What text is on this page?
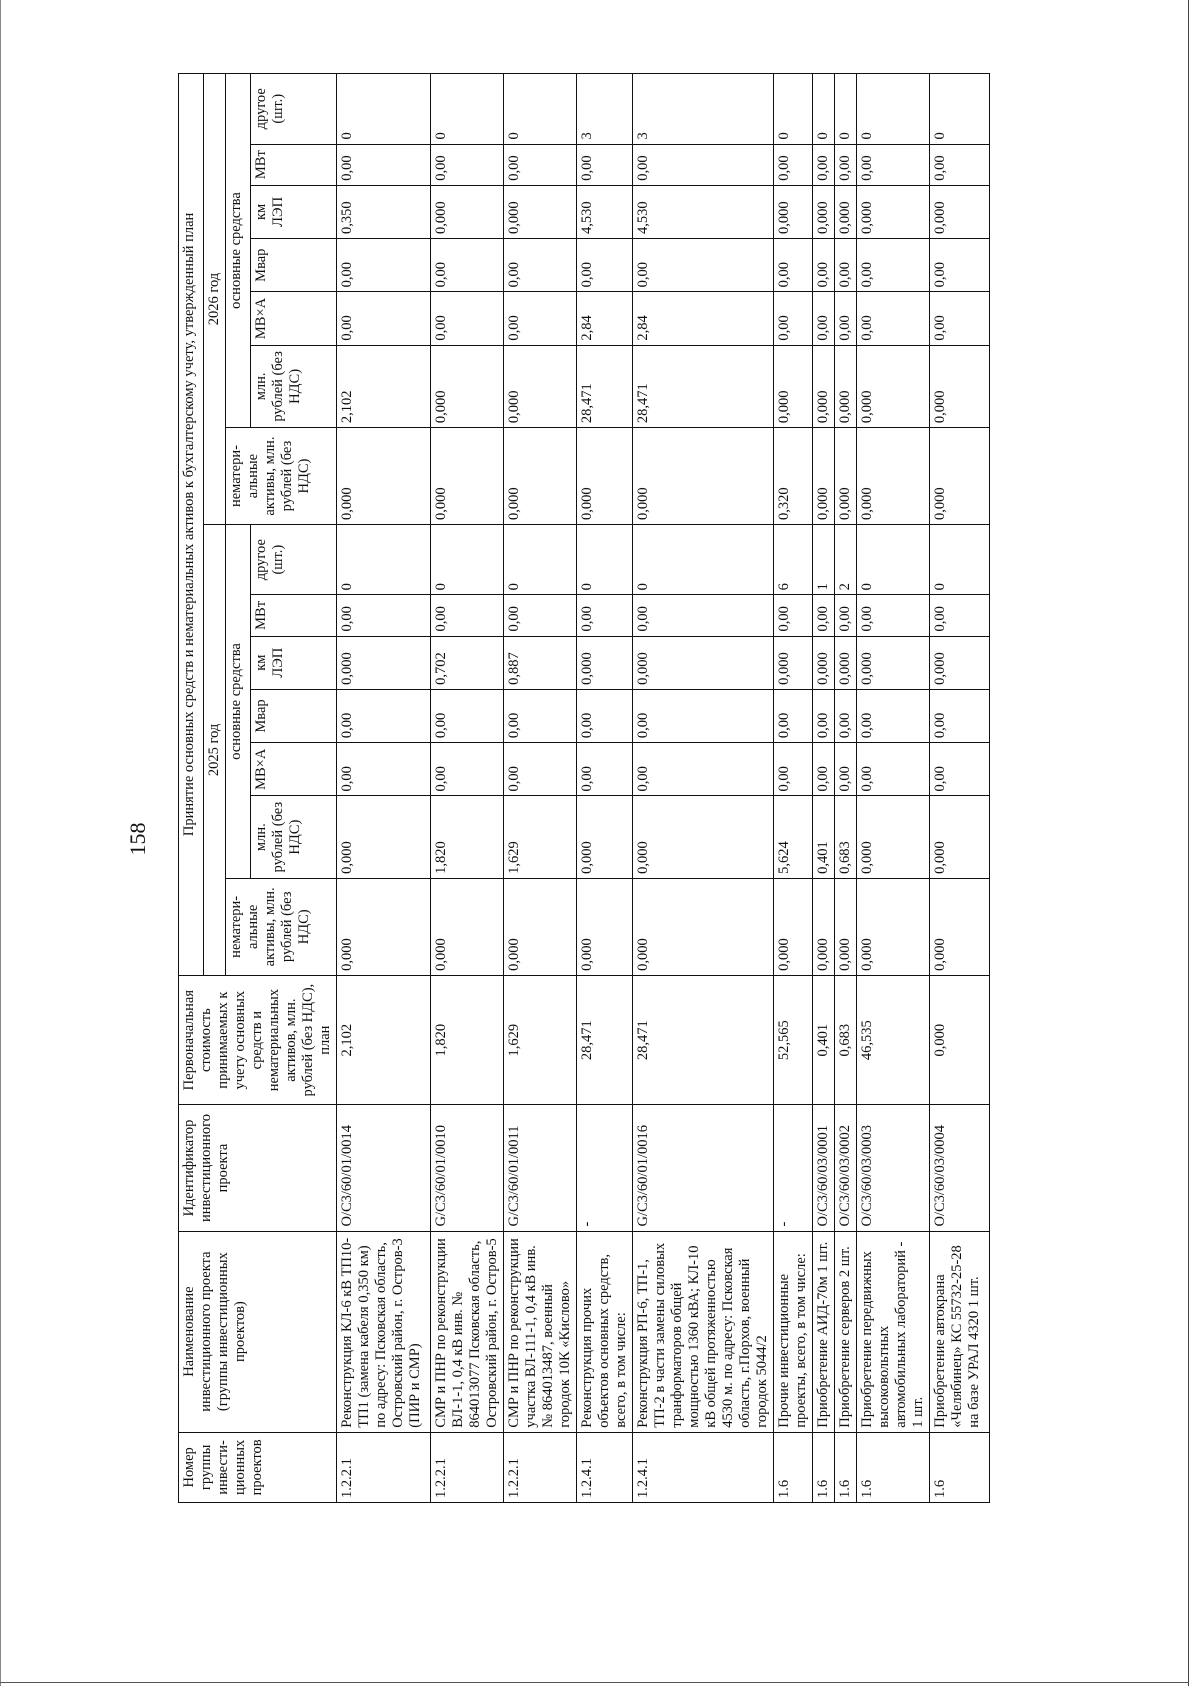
158
Номер группы инвести-ционных проектов	Наименование инвестиционного проекта (группы инвестиционных проектов)	Идентификатор инвестиционного проекта	Первоначальная стоимость принимаемых к учету основных средств и нематериальных активов, млн. рублей (без НДС), план	Принятие основных средств и нематериальных активов к бухгалтерскому учету, утвержденный план													
				2025 год							2026 год						
				нематери-альные активы, млн. рублей (без НДС)	основные средства						нематери-альные активы, млн. рублей (без НДС)	основные средства					
					млн. рублей (без НДС)	МВ×А	Мвар	км ЛЭП	МВт	другое (шт.)		млн. рублей (без НДС)	МВ×А	Мвар	км ЛЭП	МВт	другое (шт.)
1.2.2.1	Реконструкция КЛ-6 кВ ТП10-ТП1 (замена кабеля 0,350 км) по адресу: Псковская область, Островский район, г. Остров-3 (ПИР и СМР)	O/C3/60/01/0014	2,102	0,000	0,000	0,00	0,00	0,000	0,00	0	0,000	2,102	0,00	0,00	0,350	0,00	0
1.2.2.1	СМР и ПНР по реконструкции ВЛ-1-1, 0,4 кВ инв. № 864013077 Псковская область, Островский район, г. Остров-5	G/C3/60/01/0010	1,820	0,000	1,820	0,00	0,00	0,702	0,00	0	0,000	0,000	0,00	0,00	0,000	0,00	0
1.2.2.1	СМР и ПНР по реконструкции участка ВЛ-111-1, 0,4 кВ инв. № 864013487, военный городок 10К «Кислово»	G/C3/60/01/0011	1,629	0,000	1,629	0,00	0,00	0,887	0,00	0	0,000	0,000	0,00	0,00	0,000	0,00	0
1.2.4.1	Реконструкция прочих объектов основных средств, всего, в том числе:	-	28,471	0,000	0,000	0,00	0,00	0,000	0,00	0	0,000	28,471	2,84	0,00	4,530	0,00	3
1.2.4.1	Реконструкция РП-6, ТП-1, ТП-2 в части замены силовых транформаторов общей мощностью 1360 кВА; КЛ-10 кВ общей протяженностью 4530 м. по адресу: Псковская область, г.Порхов, военный городок 5044/2	G/C3/60/01/0016	28,471	0,000	0,000	0,00	0,00	0,000	0,00	0	0,000	28,471	2,84	0,00	4,530	0,00	3
1.6	Прочие инвестиционные проекты, всего, в том числе:	-	52,565	0,000	5,624	0,00	0,00	0,000	0,00	6	0,320	0,000	0,00	0,00	0,000	0,00	0
1.6	Приобретение АИД-70м 1 шт.	O/C3/60/03/0001	0,401	0,000	0,401	0,00	0,00	0,000	0,00	1	0,000	0,000	0,00	0,00	0,000	0,00	0
1.6	Приобретение серверов 2 шт.	O/C3/60/03/0002	0,683	0,000	0,683	0,00	0,00	0,000	0,00	2	0,000	0,000	0,00	0,00	0,000	0,00	0
1.6	Приобретение передвижных высоковольтных автомобильных лабораторий - 1 шт.	O/C3/60/03/0003	46,535	0,000	0,000	0,00	0,00	0,000	0,00	0	0,000	0,000	0,00	0,00	0,000	0,00	0
1.6	Приобретение автокрана «Челябинец» КС 55732-25-28 на базе УРАЛ 4320 1 шт.	O/C3/60/03/0004	0,000	0,000	0,000	0,00	0,00	0,000	0,00	0	0,000	0,000	0,00	0,00	0,000	0,00	0
